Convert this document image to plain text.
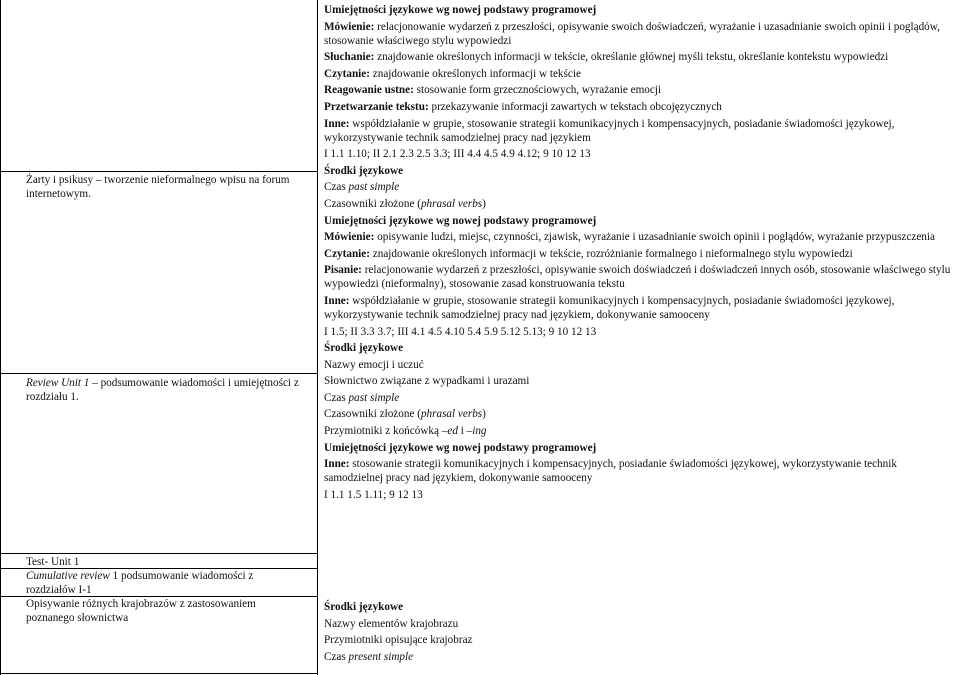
Żarty i psikusy – tworzenie nieformalnego wpisu na forum internetowym.
Review Unit 1 – podsumowanie wiadomości i umiejętności z rozdziału 1.
Test- Unit 1
Cumulative review 1 podsumowanie wiadomości z rozdziałów I-1
Opisywanie różnych krajobrazów z zastosowaniem poznanego słownictwa

Umiejętności językowe wg nowej podstawy programowej

Mówienie: relacjonowanie wydarzeń z przeszłości, opisywanie swoich doświadczeń, wyrażanie i uzasadnianie swoich opinii i poglądów, stosowanie właściwego stylu wypowiedzi

Słuchanie: znajdowanie określonych informacji w tekście, określanie głównej myśli tekstu, określanie kontekstu wypowiedzi

Czytanie: znajdowanie określonych informacji w tekście

Reagowanie ustne: stosowanie form grzecznościowych, wyrażanie emocji

Przetwarzanie tekstu: przekazywanie informacji zawartych w tekstach obcojęzycznych

Inne: współdziałanie w grupie, stosowanie strategii komunikacyjnych i kompensacyjnych, posiadanie świadomości językowej, wykorzystywanie technik samodzielnej pracy nad językiem

I 1.1 1.10; II 2.1 2.3 2.5 3.3; III 4.4 4.5 4.9 4.12; 9 10 12 13

Środki językowe

Czas past simple

Czasowniki złożone (phrasal verbs)

Umiejętności językowe wg nowej podstawy programowej

Mówienie: opisywanie ludzi, miejsc, czynności, zjawisk, wyrażanie i uzasadnianie swoich opinii i poglądów, wyrażanie przypuszczenia

Czytanie: znajdowanie określonych informacji w tekście, rozróżnianie formalnego i nieformalnego stylu wypowiedzi

Pisanie: relacjonowanie wydarzeń z przeszłości, opisywanie swoich doświadczeń i doświadczeń innych osób, stosowanie właściwego stylu wypowiedzi (nieformalny), stosowanie zasad konstruowania tekstu

Inne: współdziałanie w grupie, stosowanie strategii komunikacyjnych i kompensacyjnych, posiadanie świadomości językowej, wykorzystywanie technik samodzielnej pracy nad językiem, dokonywanie samooceny

I 1.5; II 3.3 3.7; III 4.1 4.5 4.10 5.4 5.9 5.12 5.13; 9 10 12 13

Środki językowe

Nazwy emocji i uczuć

Słownictwo związane z wypadkami i urazami

Czas past simple

Czasowniki złożone (phrasal verbs)

Przymiotniki z końcówką –ed i –ing

Umiejętności językowe wg nowej podstawy programowej

Inne: stosowanie strategii komunikacyjnych i kompensacyjnych, posiadanie świadomości językowej, wykorzystywanie technik samodzielnej pracy nad językiem, dokonywanie samooceny

I 1.1 1.5 1.11; 9 12 13

Środki językowe

Nazwy elementów krajobrazu

Przymiotniki opisujące krajobraz

Czas present simple
